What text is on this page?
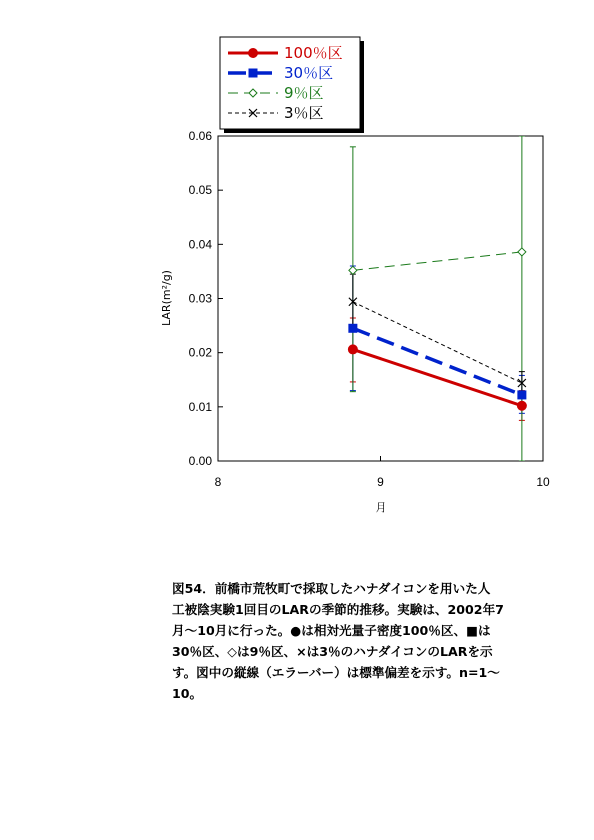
100％区
30％区
9％区
3％区
0.00
0.01
0.02
0.03
0.04
0.05
0.06
8	9	10
LAR(m²/g)
月
図54．前橋市荒牧町で採取したハナダイコンを用いた人
工被陰実験1回目のLARの季節的推移。実験は、2002年7
月～10月に行った。●は相対光量子密度100％区、■は
30％区、◇は9％区、×は3％のハナダイコンのLARを示
す。図中の縦線（エラーバー）は標準偏差を示す。n=1～
10。
